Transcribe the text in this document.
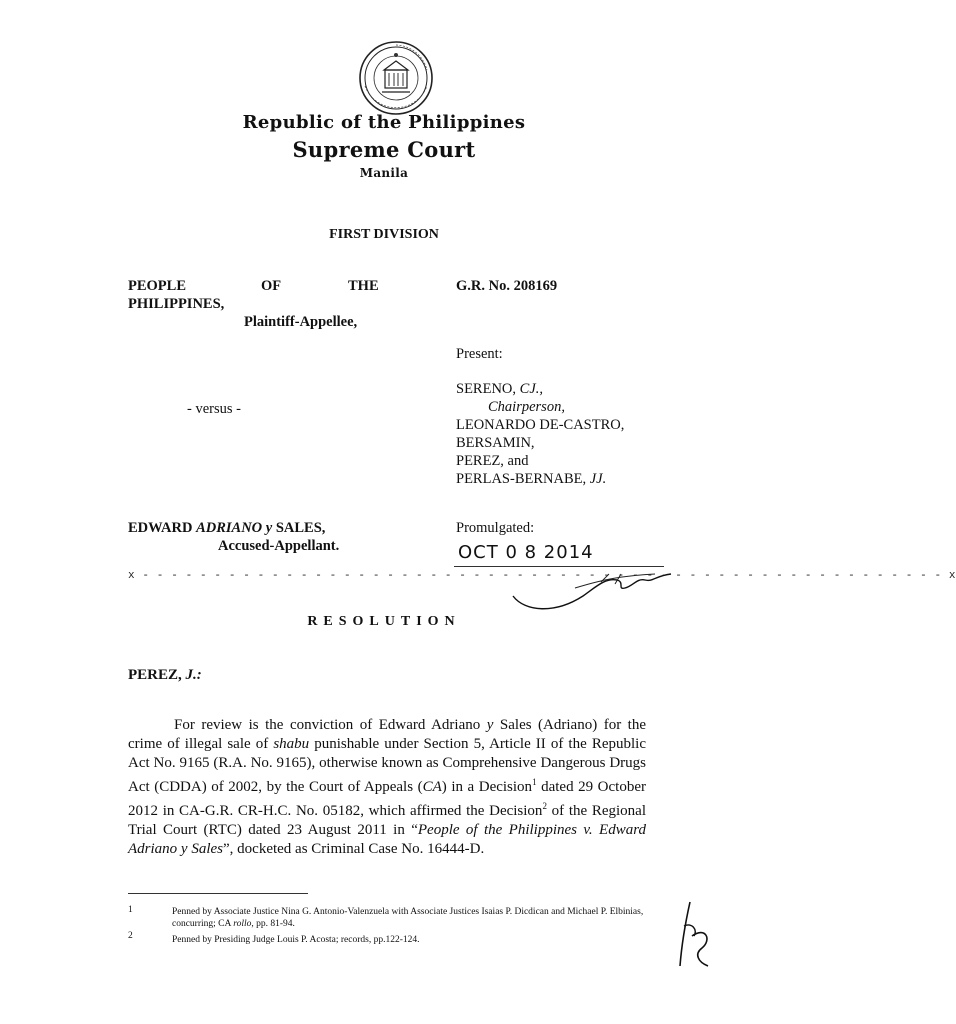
Republic of the Philippines
Supreme Court
Manila
FIRST DIVISION
PEOPLE	OF	THE
PHILIPPINES,
Plaintiff-Appellee,
- versus -
EDWARD ADRIANO y SALES,
Accused-Appellant.
G.R. No. 208169
Present:
SERENO, CJ.,
Chairperson,
LEONARDO DE-CASTRO,
BERSAMIN,
PEREZ, and
PERLAS-BERNABE, JJ.
Promulgated:
OCT 0 8 2014
x - - - - - - - - - - - - - - - - - - - - - - - - - - - - - - - - - - - - - - - - - - - - - - - - - - - - - - - - x
RESOLUTION
PEREZ, J.:

For review is the conviction of Edward Adriano y Sales (Adriano) for the crime of illegal sale of shabu punishable under Section 5, Article II of the Republic Act No. 9165 (R.A. No. 9165), otherwise known as Comprehensive Dangerous Drugs Act (CDDA) of 2002, by the Court of Appeals (CA) in a Decision$^1$ dated 29 October 2012 in CA-G.R. CR-H.C. No. 05182, which affirmed the Decision$^2$ of the Regional Trial Court (RTC) dated 23 August 2011 in “People of the Philippines v. Edward Adriano y Sales”, docketed as Criminal Case No. 16444-D.

1	Penned by Associate Justice Nina G. Antonio-Valenzuela with Associate Justices Isaias P. Dicdican and Michael P. Elbinias, concurring; CA rollo, pp. 81-94.
2	Penned by Presiding Judge Louis P. Acosta; records, pp.122-124.
